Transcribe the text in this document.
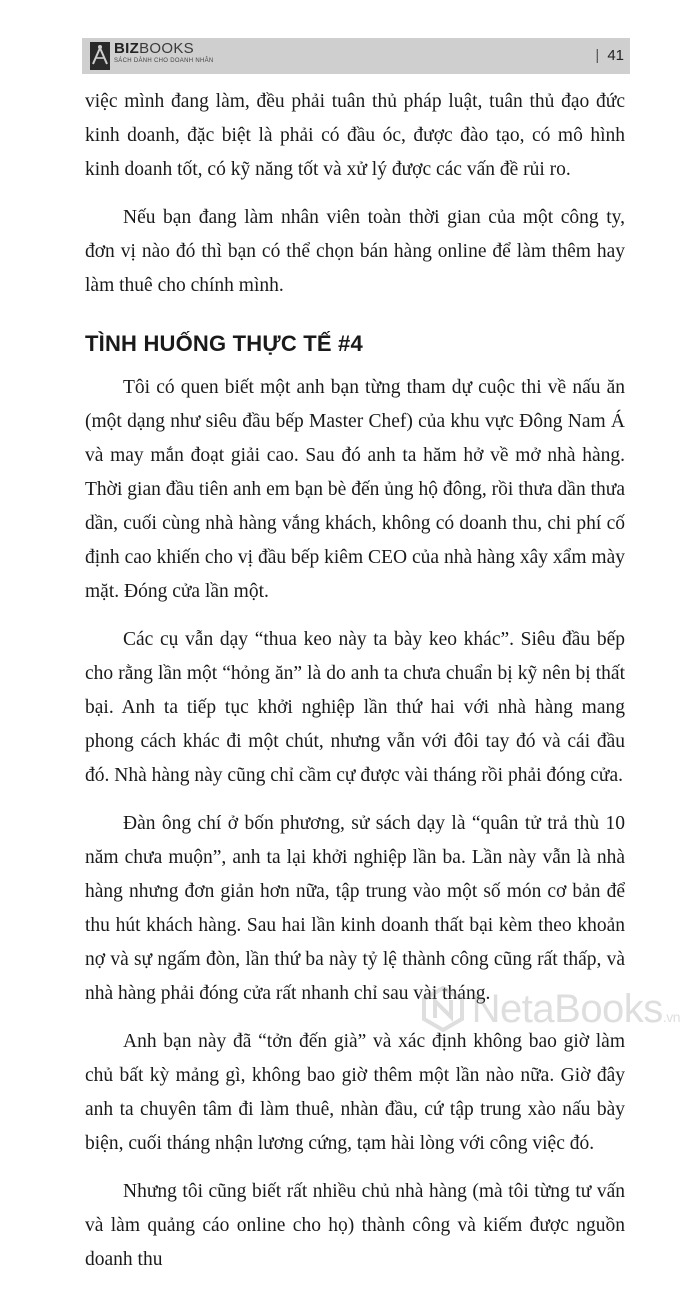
BIZBOOKS
SÁCH DÀNH CHO DOANH NHÂN	| 41

việc mình đang làm, đều phải tuân thủ pháp luật, tuân thủ đạo đức kinh doanh, đặc biệt là phải có đầu óc, được đào tạo, có mô hình kinh doanh tốt, có kỹ năng tốt và xử lý được các vấn đề rủi ro.

Nếu bạn đang làm nhân viên toàn thời gian của một công ty, đơn vị nào đó thì bạn có thể chọn bán hàng online để làm thêm hay làm thuê cho chính mình.

TÌNH HUỐNG THỰC TẾ #4

Tôi có quen biết một anh bạn từng tham dự cuộc thi về nấu ăn (một dạng như siêu đầu bếp Master Chef) của khu vực Đông Nam Á và may mắn đoạt giải cao. Sau đó anh ta hăm hở về mở nhà hàng. Thời gian đầu tiên anh em bạn bè đến ủng hộ đông, rồi thưa dần thưa dần, cuối cùng nhà hàng vắng khách, không có doanh thu, chi phí cố định cao khiến cho vị đầu bếp kiêm CEO của nhà hàng xây xẩm mày mặt. Đóng cửa lần một.

Các cụ vẫn dạy “thua keo này ta bày keo khác”. Siêu đầu bếp cho rằng lần một “hỏng ăn” là do anh ta chưa chuẩn bị kỹ nên bị thất bại. Anh ta tiếp tục khởi nghiệp lần thứ hai với nhà hàng mang phong cách khác đi một chút, nhưng vẫn với đôi tay đó và cái đầu đó. Nhà hàng này cũng chỉ cầm cự được vài tháng rồi phải đóng cửa.

Đàn ông chí ở bốn phương, sử sách dạy là “quân tử trả thù 10 năm chưa muộn”, anh ta lại khởi nghiệp lần ba. Lần này vẫn là nhà hàng nhưng đơn giản hơn nữa, tập trung vào một số món cơ bản để thu hút khách hàng. Sau hai lần kinh doanh thất bại kèm theo khoản nợ và sự ngấm đòn, lần thứ ba này tỷ lệ thành công cũng rất thấp, và nhà hàng phải đóng cửa rất nhanh chỉ sau vài tháng.

Anh bạn này đã “tởn đến già” và xác định không bao giờ làm chủ bất kỳ mảng gì, không bao giờ thêm một lần nào nữa. Giờ đây anh ta chuyên tâm đi làm thuê, nhàn đầu, cứ tập trung xào nấu bày biện, cuối tháng nhận lương cứng, tạm hài lòng với công việc đó.

Nhưng tôi cũng biết rất nhiều chủ nhà hàng (mà tôi từng tư vấn và làm quảng cáo online cho họ) thành công và kiếm được nguồn doanh thu

NetaBooks.vn
